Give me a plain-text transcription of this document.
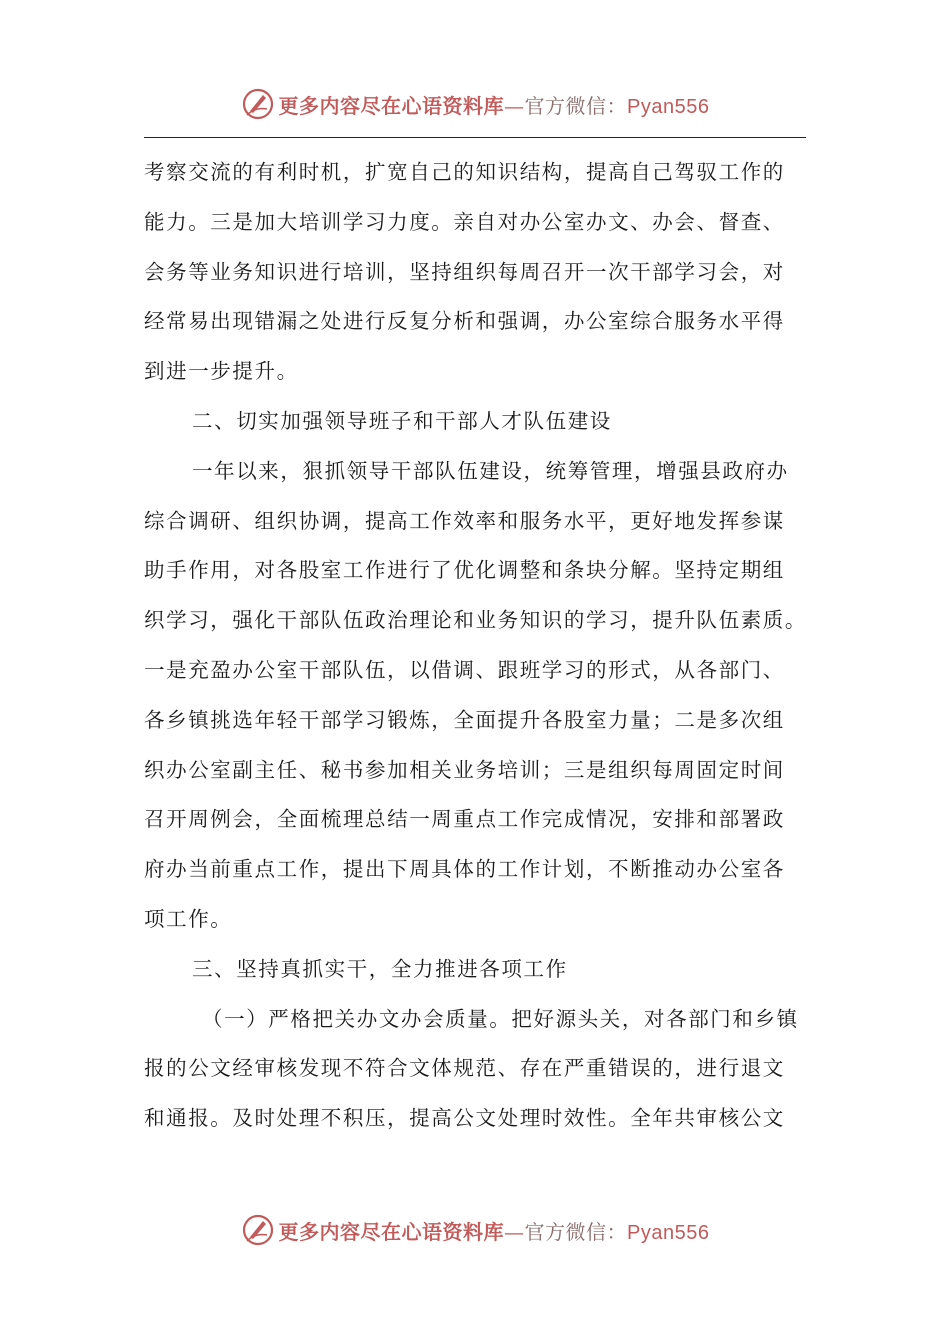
更多内容尽在心语资料库—官方微信：Pyan556
考察交流的有利时机，扩宽自己的知识结构，提高自己驾驭工作的
能力。三是加大培训学习力度。亲自对办公室办文、办会、督查、
会务等业务知识进行培训，坚持组织每周召开一次干部学习会，对
经常易出现错漏之处进行反复分析和强调，办公室综合服务水平得
到进一步提升。
二、切实加强领导班子和干部人才队伍建设
一年以来，狠抓领导干部队伍建设，统筹管理，增强县政府办
综合调研、组织协调，提高工作效率和服务水平，更好地发挥参谋
助手作用，对各股室工作进行了优化调整和条块分解。坚持定期组
织学习，强化干部队伍政治理论和业务知识的学习，提升队伍素质。
一是充盈办公室干部队伍，以借调、跟班学习的形式，从各部门、
各乡镇挑选年轻干部学习锻炼，全面提升各股室力量；二是多次组
织办公室副主任、秘书参加相关业务培训；三是组织每周固定时间
召开周例会，全面梳理总结一周重点工作完成情况，安排和部署政
府办当前重点工作，提出下周具体的工作计划，不断推动办公室各
项工作。
三、坚持真抓实干，全力推进各项工作
（一）严格把关办文办会质量。把好源头关，对各部门和乡镇
报的公文经审核发现不符合文体规范、存在严重错误的，进行退文
和通报。及时处理不积压，提高公文处理时效性。全年共审核公文
更多内容尽在心语资料库—官方微信：Pyan556
